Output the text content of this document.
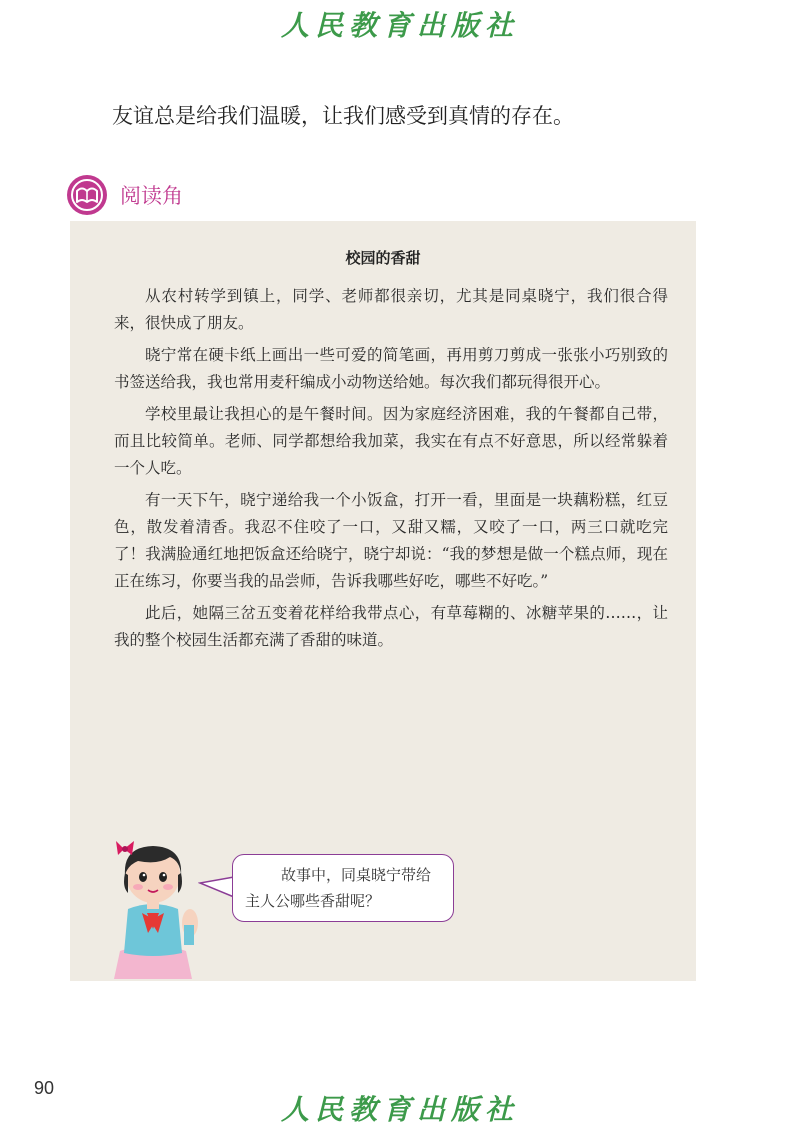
人民教育出版社
友谊总是给我们温暖，让我们感受到真情的存在。
阅读角
校园的香甜

从农村转学到镇上，同学、老师都很亲切，尤其是同桌晓宁，我们很合得来，很快成了朋友。

晓宁常在硬卡纸上画出一些可爱的简笔画，再用剪刀剪成一张张小巧别致的书签送给我，我也常用麦秆编成小动物送给她。每次我们都玩得很开心。

学校里最让我担心的是午餐时间。因为家庭经济困难，我的午餐都自己带，而且比较简单。老师、同学都想给我加菜，我实在有点不好意思，所以经常躲着一个人吃。

有一天下午，晓宁递给我一个小饭盒，打开一看，里面是一块藕粉糕，红豆色，散发着清香。我忍不住咬了一口，又甜又糯，又咬了一口，两三口就吃完了！我满脸通红地把饭盒还给晓宁，晓宁却说：“我的梦想是做一个糕点师，现在正在练习，你要当我的品尝师，告诉我哪些好吃，哪些不好吃。”

此后，她隔三岔五变着花样给我带点心，有草莓糊的、冰糖苹果的……，让我的整个校园生活都充满了香甜的味道。

故事中，同桌晓宁带给主人公哪些香甜呢？
90
人民教育出版社
